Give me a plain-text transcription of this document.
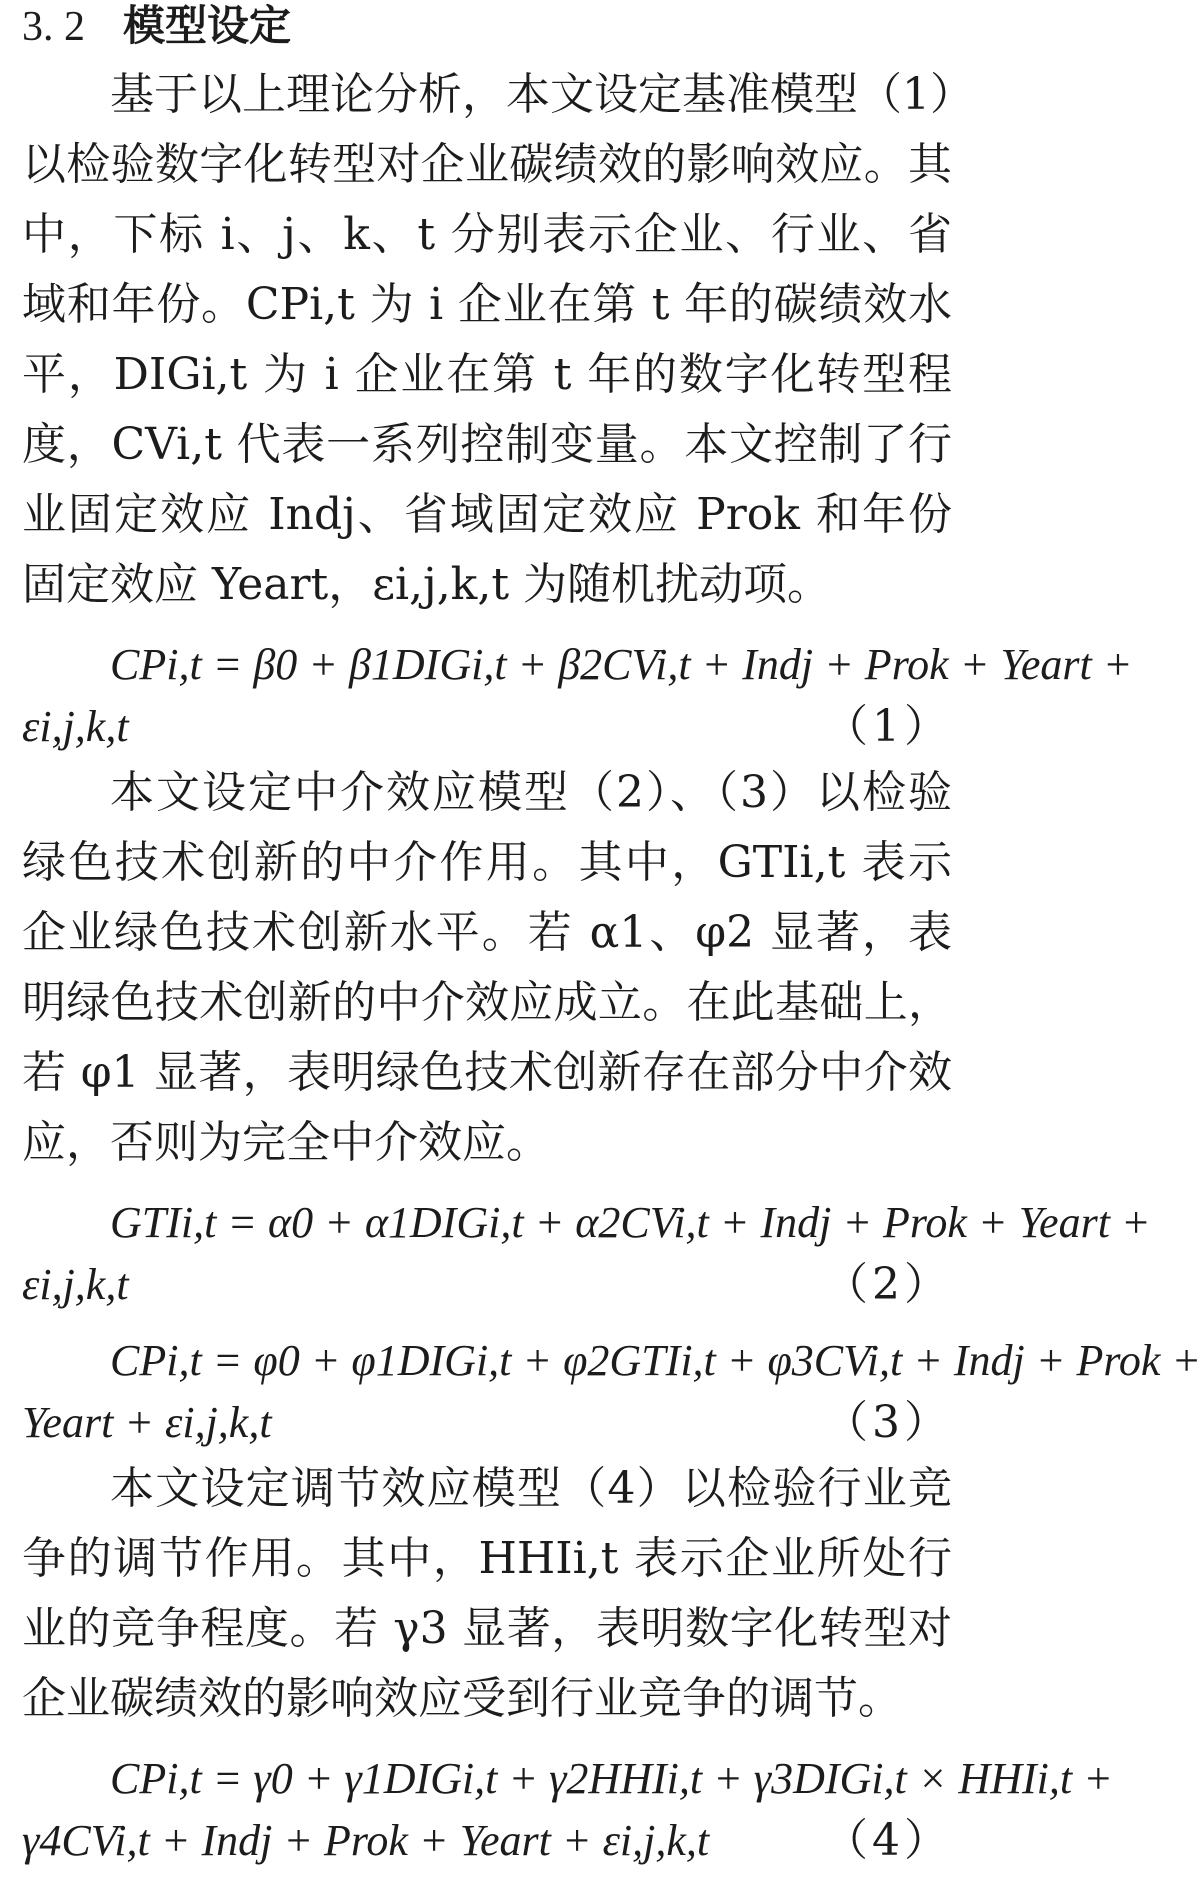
3. 2 模型设定

基于以上理论分析，本文设定基准模型（1）以检验数字化转型对企业碳绩效的影响效应。其中，下标 i、j、k、t 分别表示企业、行业、省域和年份。CPi,t 为 i 企业在第 t 年的碳绩效水平，DIGi,t 为 i 企业在第 t 年的数字化转型程度，CVi,t 代表一系列控制变量。本文控制了行业固定效应 Indj、省域固定效应 Prok 和年份固定效应 Yeart，εi,j,k,t 为随机扰动项。

CPi,t = β0 + β1DIGi,t + β2CVi,t + Indj + Prok + Yeart +
εi,j,k,t	（1）

本文设定中介效应模型（2）、（3）以检验绿色技术创新的中介作用。其中，GTIi,t 表示企业绿色技术创新水平。若 α1、φ2 显著，表明绿色技术创新的中介效应成立。在此基础上，若 φ1 显著，表明绿色技术创新存在部分中介效应，否则为完全中介效应。

GTIi,t = α0 + α1DIGi,t + α2CVi,t + Indj + Prok + Yeart +
εi,j,k,t	（2）
CPi,t = φ0 + φ1DIGi,t + φ2GTIi,t + φ3CVi,t + Indj + Prok +
Yeart + εi,j,k,t	（3）

本文设定调节效应模型（4）以检验行业竞争的调节作用。其中，HHIi,t 表示企业所处行业的竞争程度。若 γ3 显著，表明数字化转型对企业碳绩效的影响效应受到行业竞争的调节。

CPi,t = γ0 + γ1DIGi,t + γ2HHIi,t + γ3DIGi,t × HHIi,t +
γ4CVi,t + Indj + Prok + Yeart + εi,j,k,t	（4）
